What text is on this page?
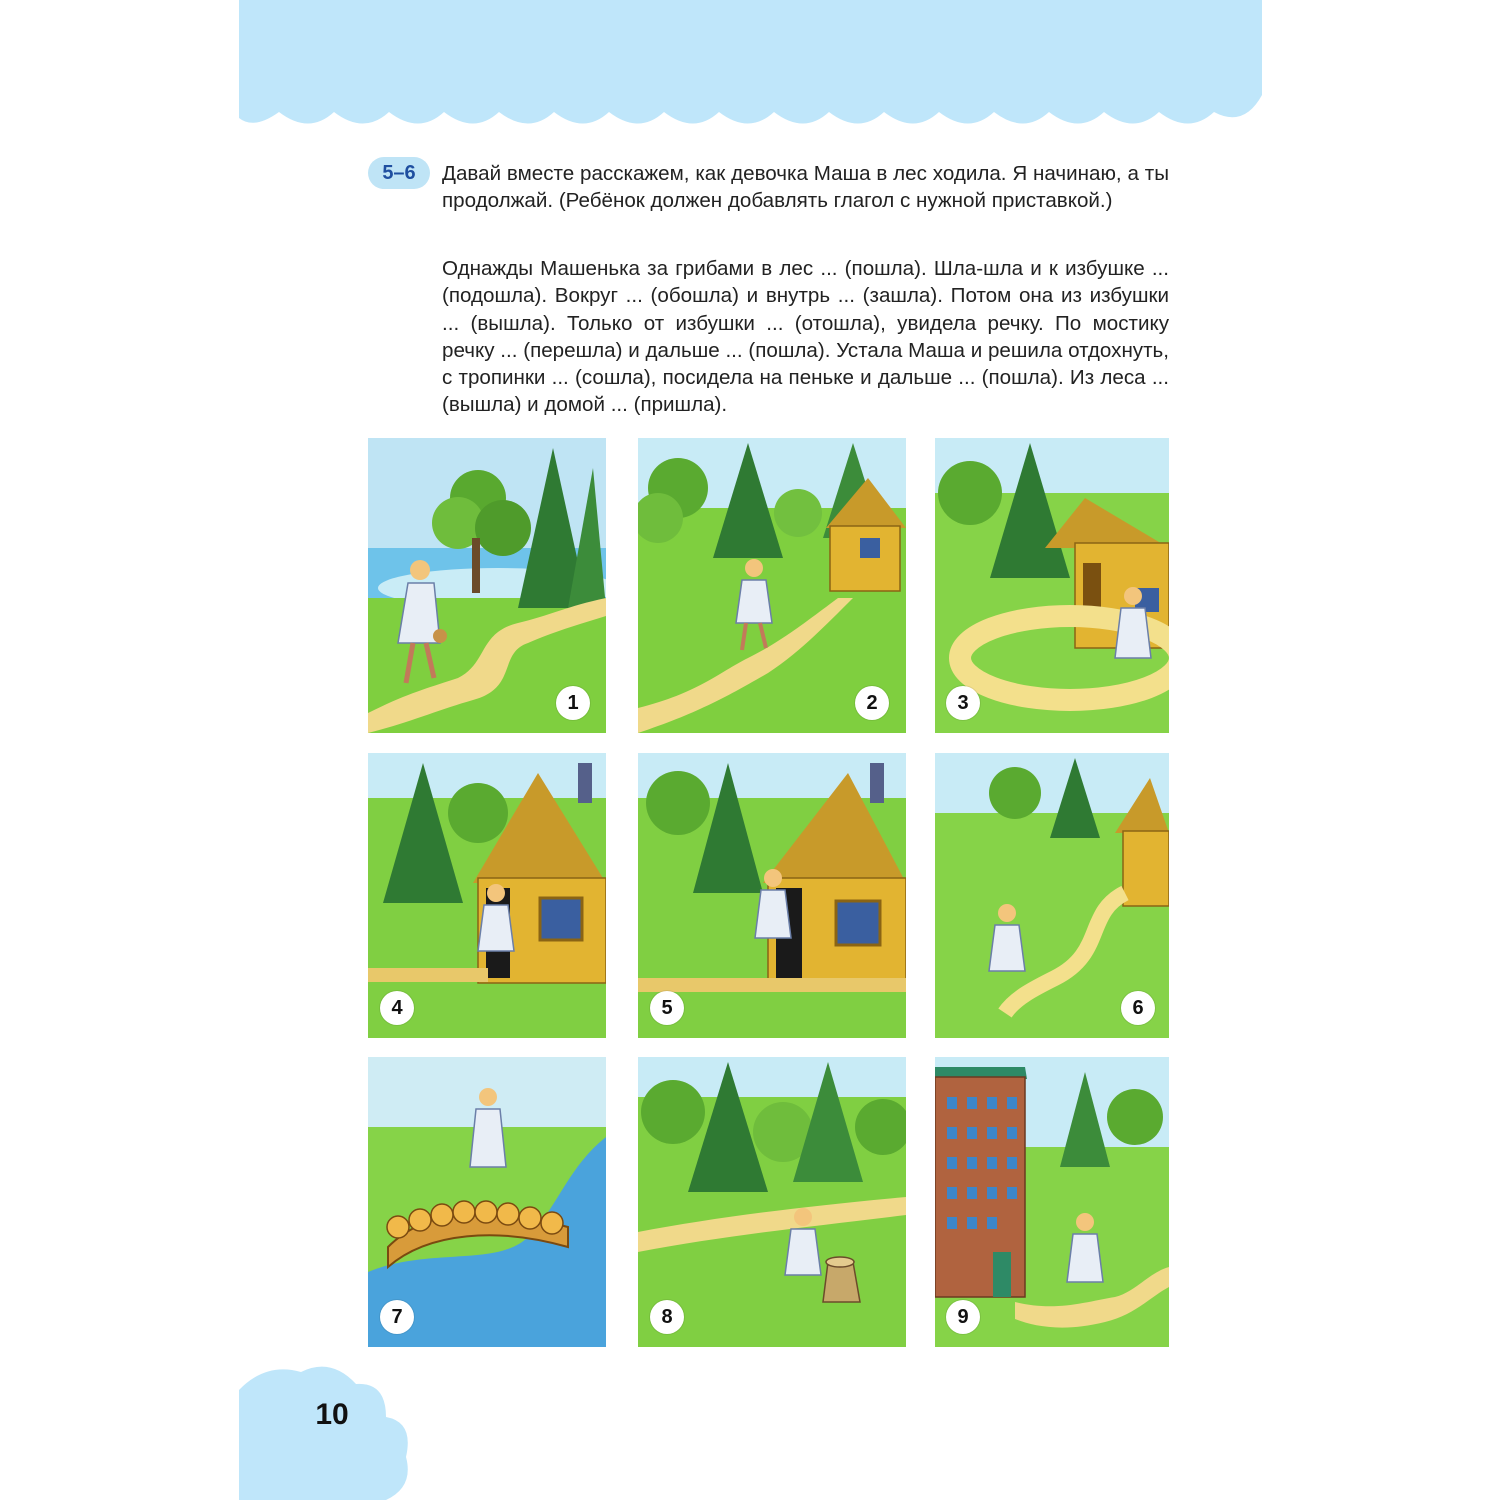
5–6	Давай вместе расскажем, как девочка Маша в лес ходила. Я начинаю, а ты продолжай. (Ребёнок должен добавлять глагол с нужной приставкой.)

Однажды Машенька за грибами в лес ... (пошла). Шла-шла и к избушке ... (подошла). Вокруг ... (обошла) и внутрь ... (зашла). Потом она из избушки ... (вышла). Только от избушки ... (отошла), увидела речку. По мостику речку ... (перешла) и дальше ... (пошла). Устала Маша и решила отдохнуть, с тропинки ... (сошла), посидела на пеньке и дальше ... (пошла). Из леса ... (вышла) и домой ... (пришла).

1	2	3
4	5	6
7	8	9
10
